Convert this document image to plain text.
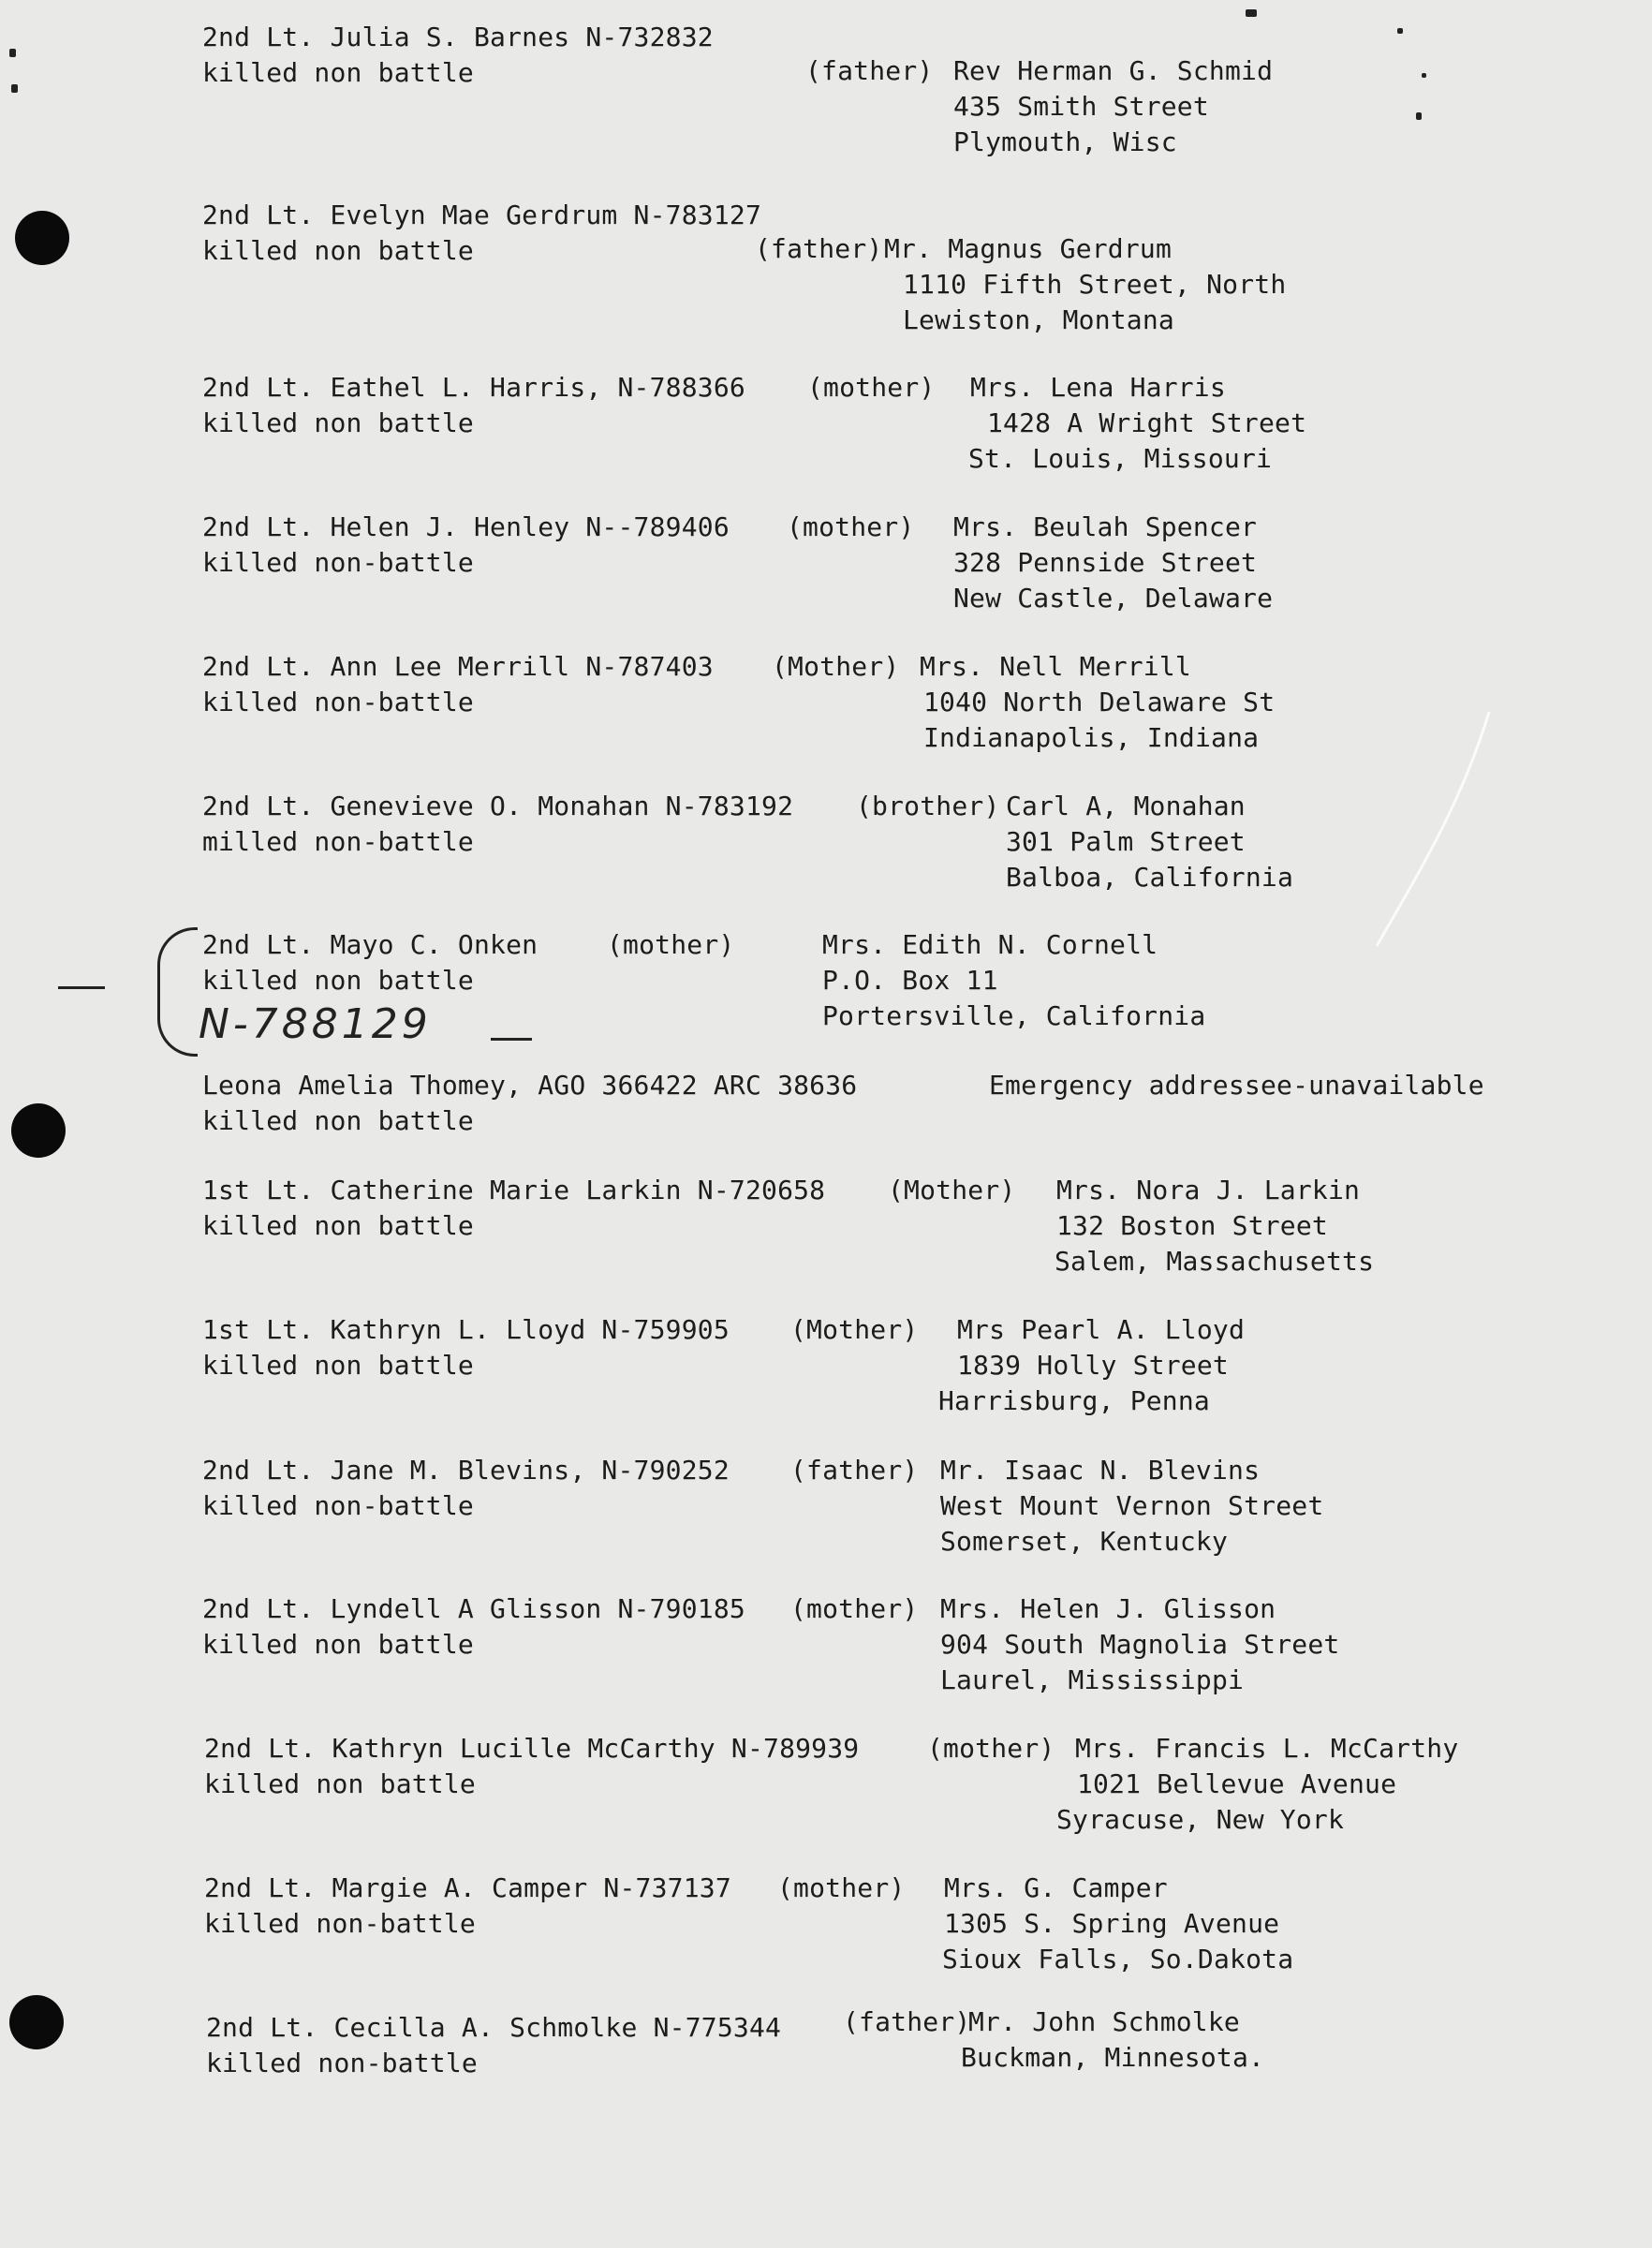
2nd Lt. Julia S. Barnes N-732832
killed non battle	(father) Rev Herman G. Schmid
435 Smith Street
Plymouth, Wisc
2nd Lt. Evelyn Mae Gerdrum N-783127
killed non battle	(father) Mr. Magnus Gerdrum
1110 Fifth Street, North
Lewiston, Montana
2nd Lt. Eathel L. Harris, N-788366
killed non battle
(mother) Mrs. Lena Harris
1428 A Wright Street
St. Louis, Missouri
2nd Lt. Helen J. Henley N--789406
killed non-battle
(mother) Mrs. Beulah Spencer
328 Pennside Street
New Castle, Delaware
2nd Lt. Ann Lee Merrill N-787403
killed non-battle
(Mother) Mrs. Nell Merrill
1040 North Delaware St
Indianapolis, Indiana
2nd Lt. Genevieve O. Monahan N-783192
milled non-battle
(brother) Carl A, Monahan
301 Palm Street
Balboa, California
2nd Lt. Mayo C. Onken
killed non battle
(mother)	Mrs. Edith N. Cornell
P.O. Box 11
Portersville, California
N-788129
Leona Amelia Thomey, AGO 366422 ARC 38636
killed non battle
Emergency addressee-unavailable
1st Lt. Catherine Marie Larkin N-720658
killed non battle
(Mother) Mrs. Nora J. Larkin
132 Boston Street
Salem, Massachusetts
1st Lt. Kathryn L. Lloyd N-759905
killed non battle
(Mother) Mrs Pearl A. Lloyd
1839 Holly Street
Harrisburg, Penna
2nd Lt. Jane M. Blevins, N-790252
killed non-battle
(father) Mr. Isaac N. Blevins
West Mount Vernon Street
Somerset, Kentucky
2nd Lt. Lyndell A Glisson N-790185
killed non battle
(mother) Mrs. Helen J. Glisson
904 South Magnolia Street
Laurel, Mississippi
2nd Lt. Kathryn Lucille McCarthy N-789939
killed non battle
(mother) Mrs. Francis L. McCarthy
1021 Bellevue Avenue
Syracuse, New York
2nd Lt. Margie A. Camper N-737137
killed non-battle
(mother) Mrs. G. Camper
1305 S. Spring Avenue
Sioux Falls, So.Dakota
2nd Lt. Cecilla A. Schmolke N-775344
killed non-battle
(father)
Mr. John Schmolke
Buckman, Minnesota.
